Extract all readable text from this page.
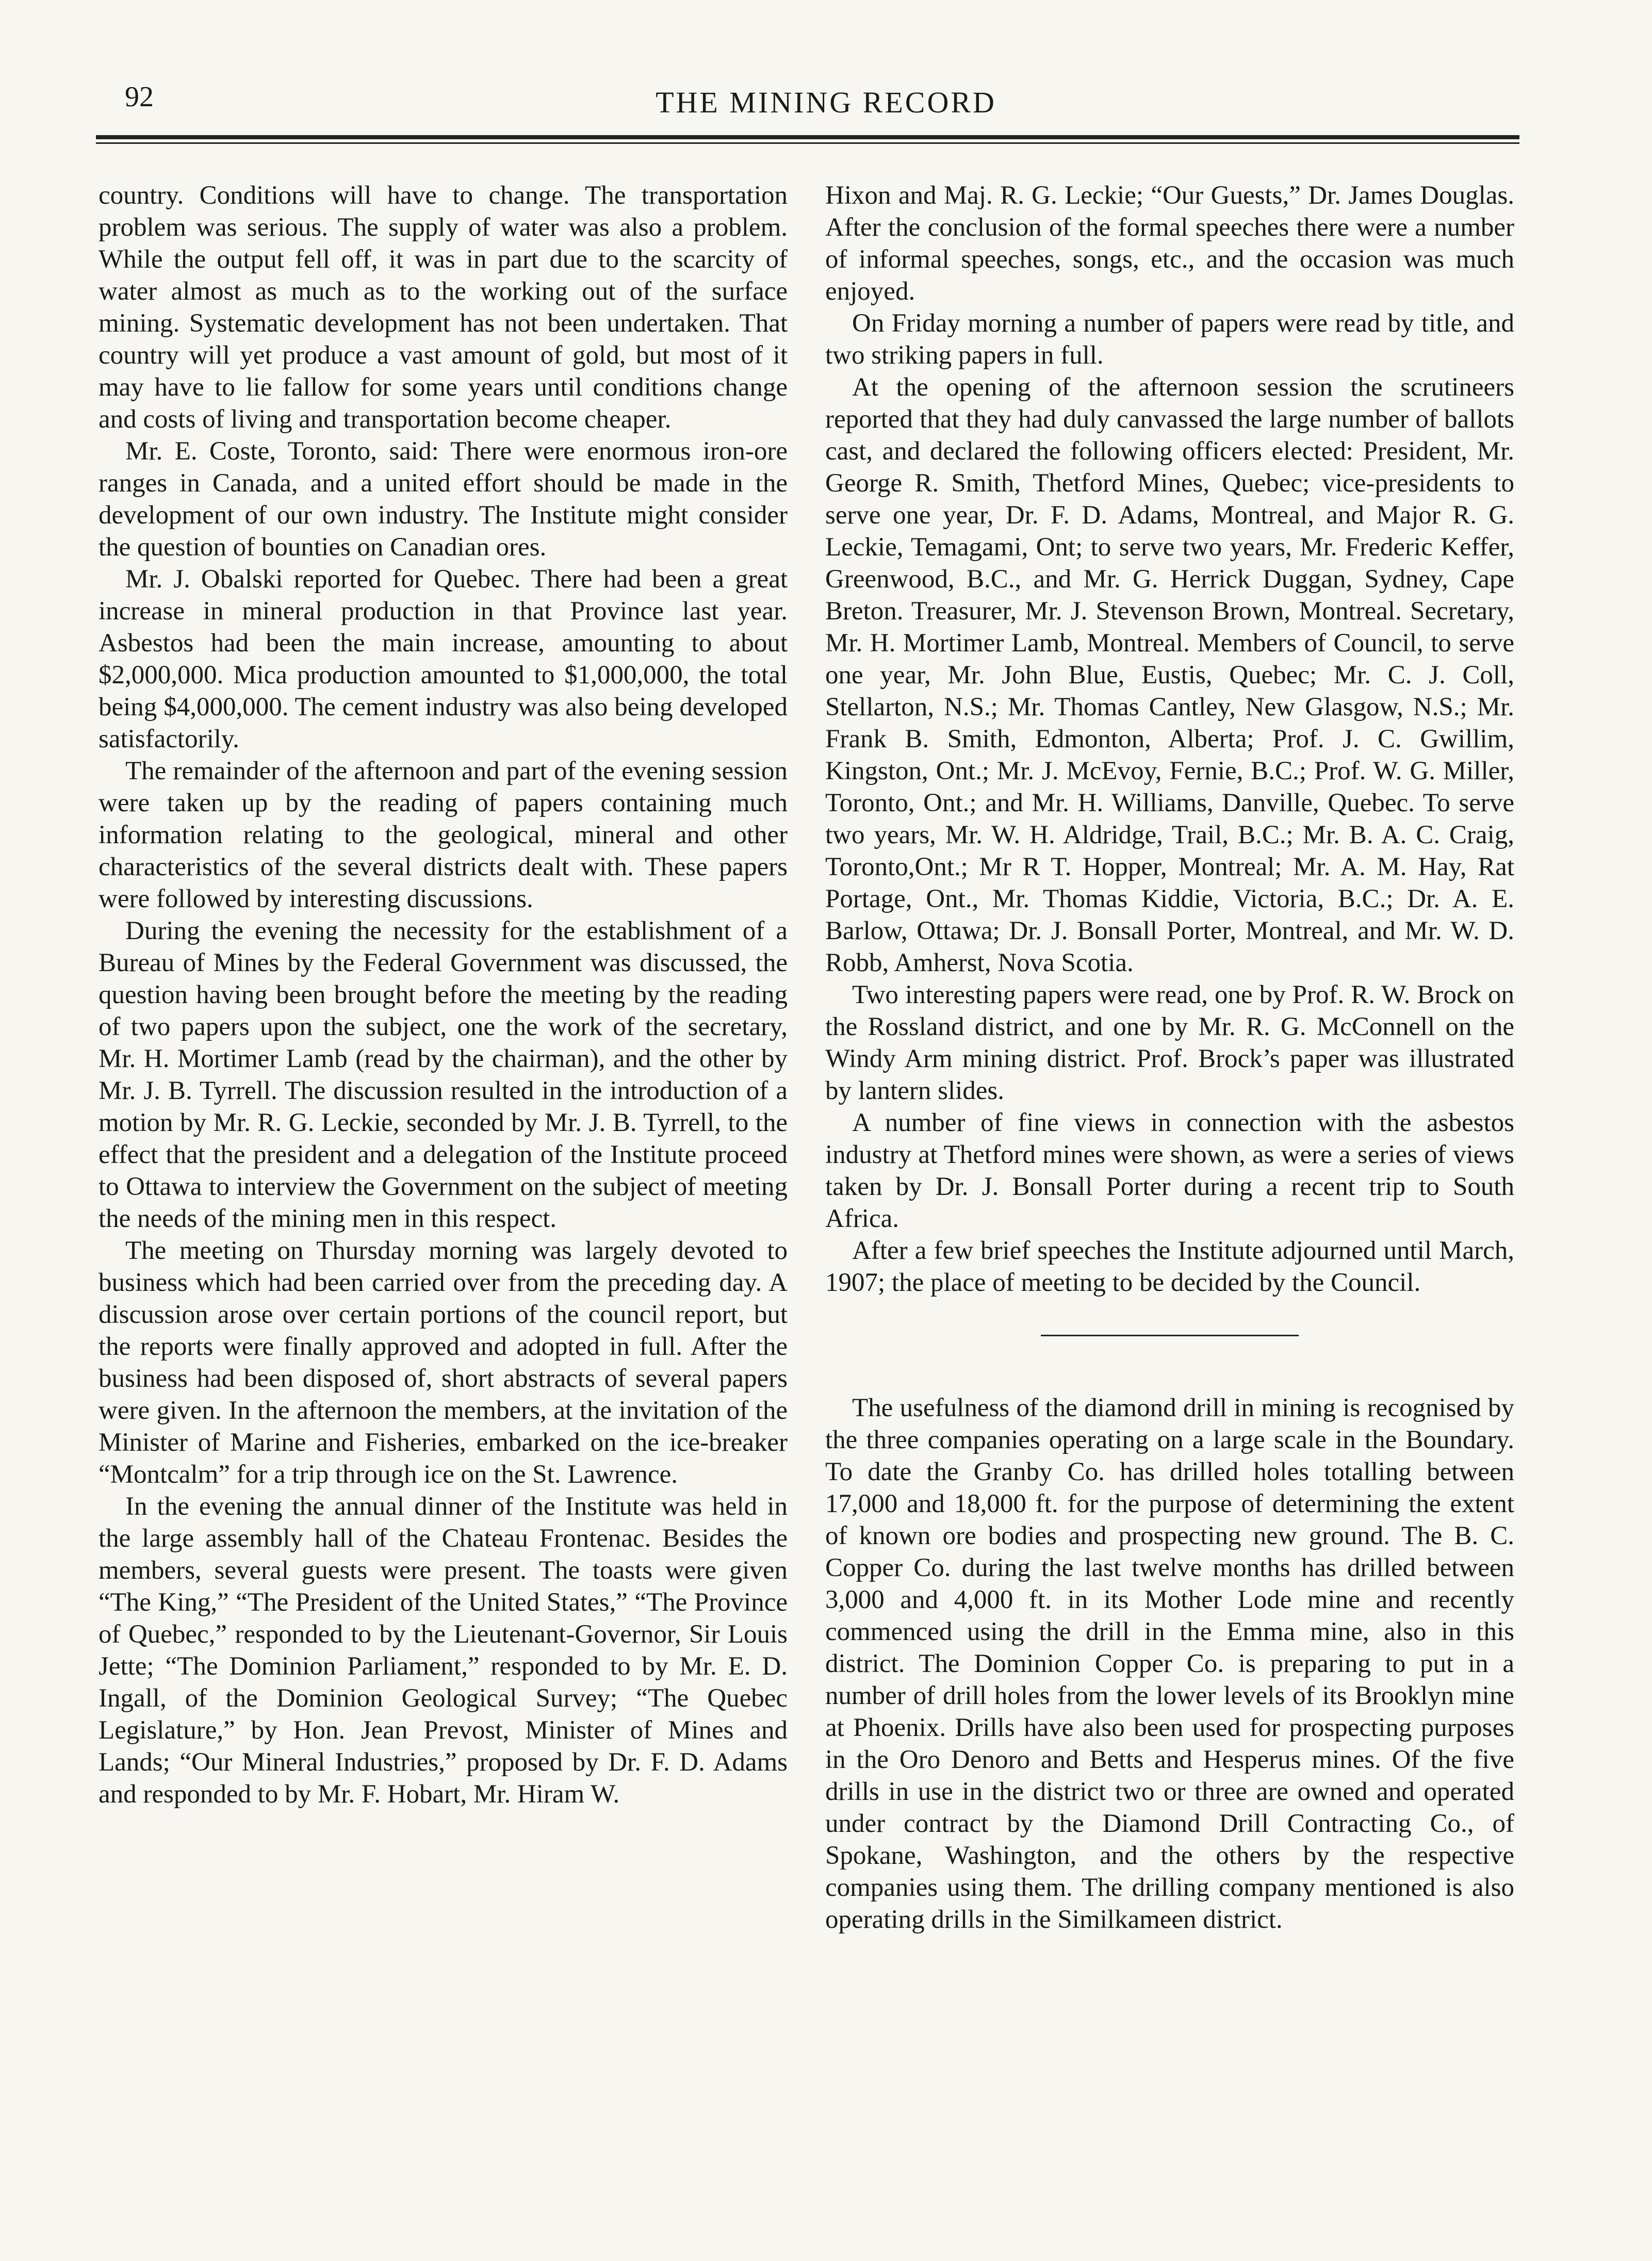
92	THE MINING RECORD

country. Conditions will have to change. The transportation problem was serious. The supply of water was also a problem. While the output fell off, it was in part due to the scarcity of water almost as much as to the working out of the surface mining. Systematic development has not been undertaken. That country will yet produce a vast amount of gold, but most of it may have to lie fallow for some years until conditions change and costs of living and transportation become cheaper.

Mr. E. Coste, Toronto, said: There were enormous iron-ore ranges in Canada, and a united effort should be made in the development of our own industry. The Institute might consider the question of bounties on Canadian ores.

Mr. J. Obalski reported for Quebec. There had been a great increase in mineral production in that Province last year. Asbestos had been the main increase, amounting to about $2,000,000. Mica production amounted to $1,000,000, the total being $4,000,000. The cement industry was also being developed satisfactorily.

The remainder of the afternoon and part of the evening session were taken up by the reading of papers containing much information relating to the geological, mineral and other characteristics of the several districts dealt with. These papers were followed by interesting discussions.

During the evening the necessity for the establishment of a Bureau of Mines by the Federal Government was discussed, the question having been brought before the meeting by the reading of two papers upon the subject, one the work of the secretary, Mr. H. Mortimer Lamb (read by the chairman), and the other by Mr. J. B. Tyrrell. The discussion resulted in the introduction of a motion by Mr. R. G. Leckie, seconded by Mr. J. B. Tyrrell, to the effect that the president and a delegation of the Institute proceed to Ottawa to interview the Government on the subject of meeting the needs of the mining men in this respect.

The meeting on Thursday morning was largely devoted to business which had been carried over from the preceding day. A discussion arose over certain portions of the council report, but the reports were finally approved and adopted in full. After the business had been disposed of, short abstracts of several papers were given. In the afternoon the members, at the invitation of the Minister of Marine and Fisheries, embarked on the ice-breaker “Montcalm” for a trip through ice on the St. Lawrence.

In the evening the annual dinner of the Institute was held in the large assembly hall of the Chateau Frontenac. Besides the members, several guests were present. The toasts were given “The King,” “The President of the United States,” “The Province of Quebec,” responded to by the Lieutenant-Governor, Sir Louis Jette; “The Dominion Parliament,” responded to by Mr. E. D. Ingall, of the Dominion Geological Survey; “The Quebec Legislature,” by Hon. Jean Prevost, Minister of Mines and Lands; “Our Mineral Industries,” proposed by Dr. F. D. Adams and responded to by Mr. F. Hobart, Mr. Hiram W.

Hixon and Maj. R. G. Leckie; “Our Guests,” Dr. James Douglas. After the conclusion of the formal speeches there were a number of informal speeches, songs, etc., and the occasion was much enjoyed.

On Friday morning a number of papers were read by title, and two striking papers in full.

At the opening of the afternoon session the scrutineers reported that they had duly canvassed the large number of ballots cast, and declared the following officers elected: President, Mr. George R. Smith, Thetford Mines, Quebec; vice-presidents to serve one year, Dr. F. D. Adams, Montreal, and Major R. G. Leckie, Temagami, Ont; to serve two years, Mr. Frederic Keffer, Greenwood, B.C., and Mr. G. Herrick Duggan, Sydney, Cape Breton. Treasurer, Mr. J. Stevenson Brown, Montreal. Secretary, Mr. H. Mortimer Lamb, Montreal. Members of Council, to serve one year, Mr. John Blue, Eustis, Quebec; Mr. C. J. Coll, Stellarton, N.S.; Mr. Thomas Cantley, New Glasgow, N.S.; Mr. Frank B. Smith, Edmonton, Alberta; Prof. J. C. Gwillim, Kingston, Ont.; Mr. J. McEvoy, Fernie, B.C.; Prof. W. G. Miller, Toronto, Ont.; and Mr. H. Williams, Danville, Quebec. To serve two years, Mr. W. H. Aldridge, Trail, B.C.; Mr. B. A. C. Craig, Toronto,Ont.; Mr R T. Hopper, Montreal; Mr. A. M. Hay, Rat Portage, Ont., Mr. Thomas Kiddie, Victoria, B.C.; Dr. A. E. Barlow, Ottawa; Dr. J. Bonsall Porter, Montreal, and Mr. W. D. Robb, Amherst, Nova Scotia.

Two interesting papers were read, one by Prof. R. W. Brock on the Rossland district, and one by Mr. R. G. McConnell on the Windy Arm mining district. Prof. Brock’s paper was illustrated by lantern slides.

A number of fine views in connection with the asbestos industry at Thetford mines were shown, as were a series of views taken by Dr. J. Bonsall Porter during a recent trip to South Africa.

After a few brief speeches the Institute adjourned until March, 1907; the place of meeting to be decided by the Council.

The usefulness of the diamond drill in mining is recognised by the three companies operating on a large scale in the Boundary. To date the Granby Co. has drilled holes totalling between 17,000 and 18,000 ft. for the purpose of determining the extent of known ore bodies and prospecting new ground. The B. C. Copper Co. during the last twelve months has drilled between 3,000 and 4,000 ft. in its Mother Lode mine and recently commenced using the drill in the Emma mine, also in this district. The Dominion Copper Co. is preparing to put in a number of drill holes from the lower levels of its Brooklyn mine at Phoenix. Drills have also been used for prospecting purposes in the Oro Denoro and Betts and Hesperus mines. Of the five drills in use in the district two or three are owned and operated under contract by the Diamond Drill Contracting Co., of Spokane, Washington, and the others by the respective companies using them. The drilling company mentioned is also operating drills in the Similkameen district.
